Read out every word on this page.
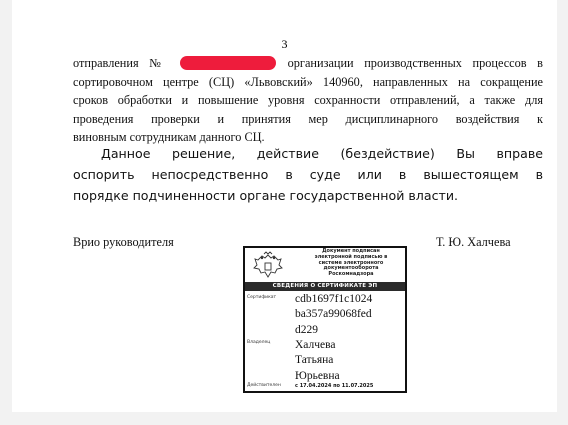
3
отправления №	организации производственных процессов в
сортировочном центре (СЦ) «Львовский» 140960, направленных на сокращение
сроков обработки и повышение уровня сохранности отправлений, а также для
проведения проверки и принятия мер дисциплинарного воздействия к
виновным сотрудникам данного СЦ.
Данное решение, действие (бездействие) Вы вправе
оспорить непосредственно в суде или в вышестоящем в
порядке подчиненности органе государственной власти.
Врио руководителя	Т. Ю. Халчева
Документ подписан
электронной подписью в
системе электронного
документооборота
Роскомнадзора
СВЕДЕНИЯ О СЕРТИФИКАТЕ ЭП
Сертификат cdb1697f1c1024
ba357a99068fed
d229
Владелец Халчева
Татьяна
Юрьевна
Действителен	с 17.04.2024 по 11.07.2025
